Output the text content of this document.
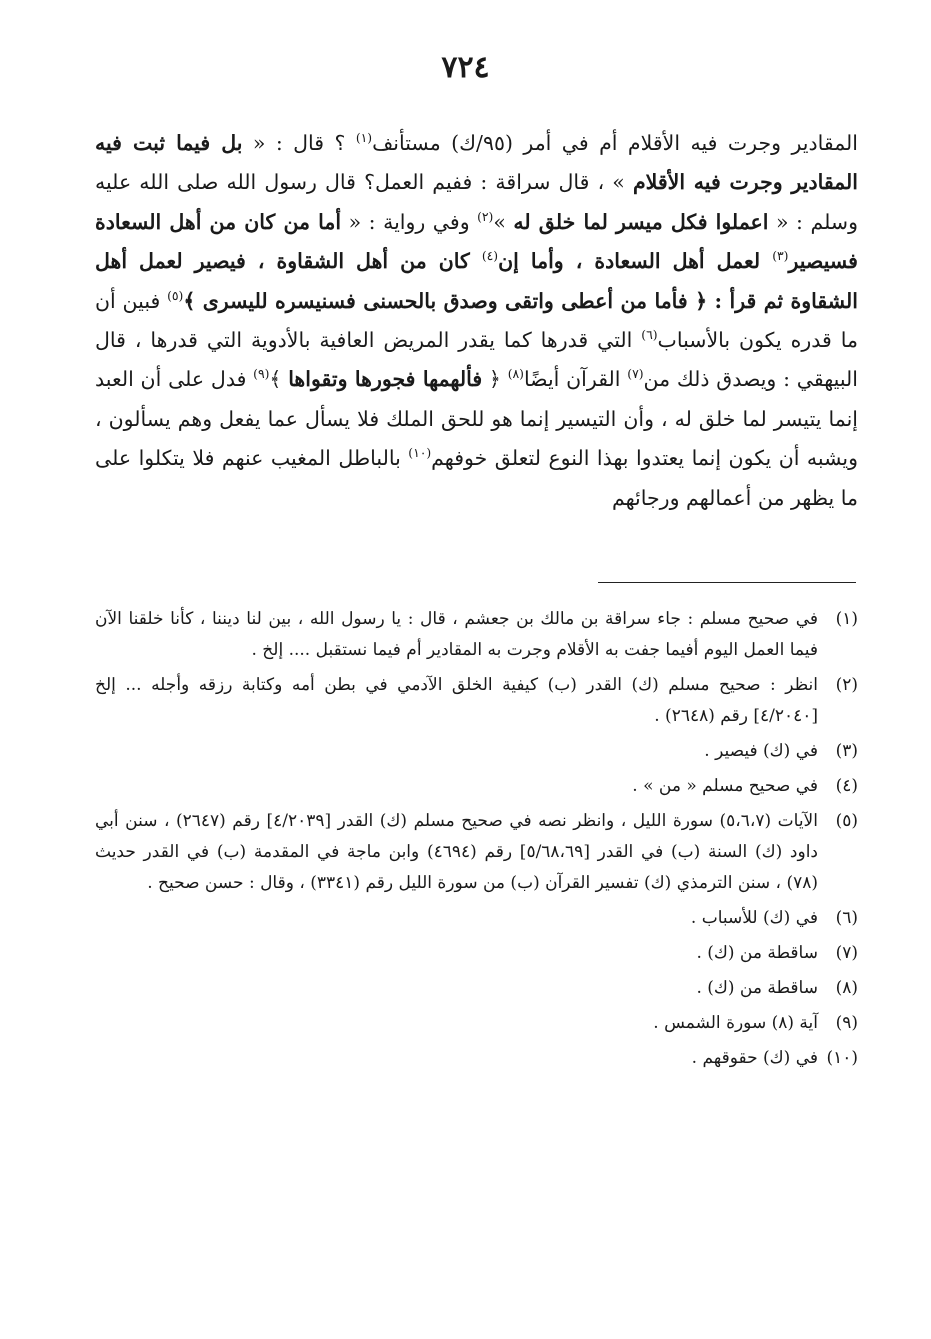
٧٢٤
المقادير وجرت فيه الأقلام أم في أمر (٩٥/ك) مستأنف$^{(١)}$ ؟ قال : « بل فيما ثبت فيه المقادير وجرت فيه الأقلام » ، قال سراقة : ففيم العمل؟ قال رسول الله صلى الله عليه وسلم : « اعملوا فكل ميسر لما خلق له »$^{(٢)}$ وفي رواية : « أما من كان من أهل السعادة فسيصير$^{(٣)}$ لعمل أهل السعادة ، وأما إن$^{(٤)}$ كان من أهل الشقاوة ، فيصير لعمل أهل الشقاوة ثم قرأ : ﴿ فأما من أعطى واتقى وصدق بالحسنى فسنيسره لليسرى ﴾$^{(٥)}$ فبين أن ما قدره يكون بالأسباب$^{(٦)}$ التي قدرها كما يقدر المريض العافية بالأدوية التي قدرها ، قال البيهقي : ويصدق ذلك من$^{(٧)}$ القرآن أيضًا$^{(٨)}$ ﴿ فألهمها فجورها وتقواها ﴾$^{(٩)}$ فدل على أن العبد إنما يتيسر لما خلق له ، وأن التيسير إنما هو للحق الملك فلا يسأل عما يفعل وهم يسألون ، ويشبه أن يكون إنما يعتدوا بهذا النوع لتعلق خوفهم$^{(١٠)}$ بالباطل المغيب عنهم فلا يتكلوا على ما يظهر من أعمالهم ورجائهم
(١)
في صحيح مسلم : جاء سراقة بن مالك بن جعشم ، قال : يا رسول الله ، بين لنا ديننا ، كأنا خلقنا الآن فيما العمل اليوم أفيما جفت به الأقلام وجرت به المقادير أم فيما نستقبل .... إلخ .
(٢)
انظر : صحيح مسلم (ك) القدر (ب) كيفية الخلق الآدمي في بطن أمه وكتابة رزقه وأجله ... إلخ [٤/٢٠٤٠] رقم (٢٦٤٨) .
(٣)
في (ك) فيصير .
(٤)
في صحيح مسلم « من » .
(٥)
الآيات (٥،٦،٧) سورة الليل ، وانظر نصه في صحيح مسلم (ك) القدر [٤/٢٠٣٩] رقم (٢٦٤٧) ، سنن أبي داود (ك) السنة (ب) في القدر [٥/٦٨،٦٩] رقم (٤٦٩٤) وابن ماجة في المقدمة (ب) في القدر حديث (٧٨) ، سنن الترمذي (ك) تفسير القرآن (ب) من سورة الليل رقم (٣٣٤١) ، وقال : حسن صحيح .
(٦)
في (ك) للأسباب .
(٧)
ساقطة من (ك) .
(٨)
ساقطة من (ك) .
(٩)
آية (٨) سورة الشمس .
(١٠)
في (ك) حقوقهم .
